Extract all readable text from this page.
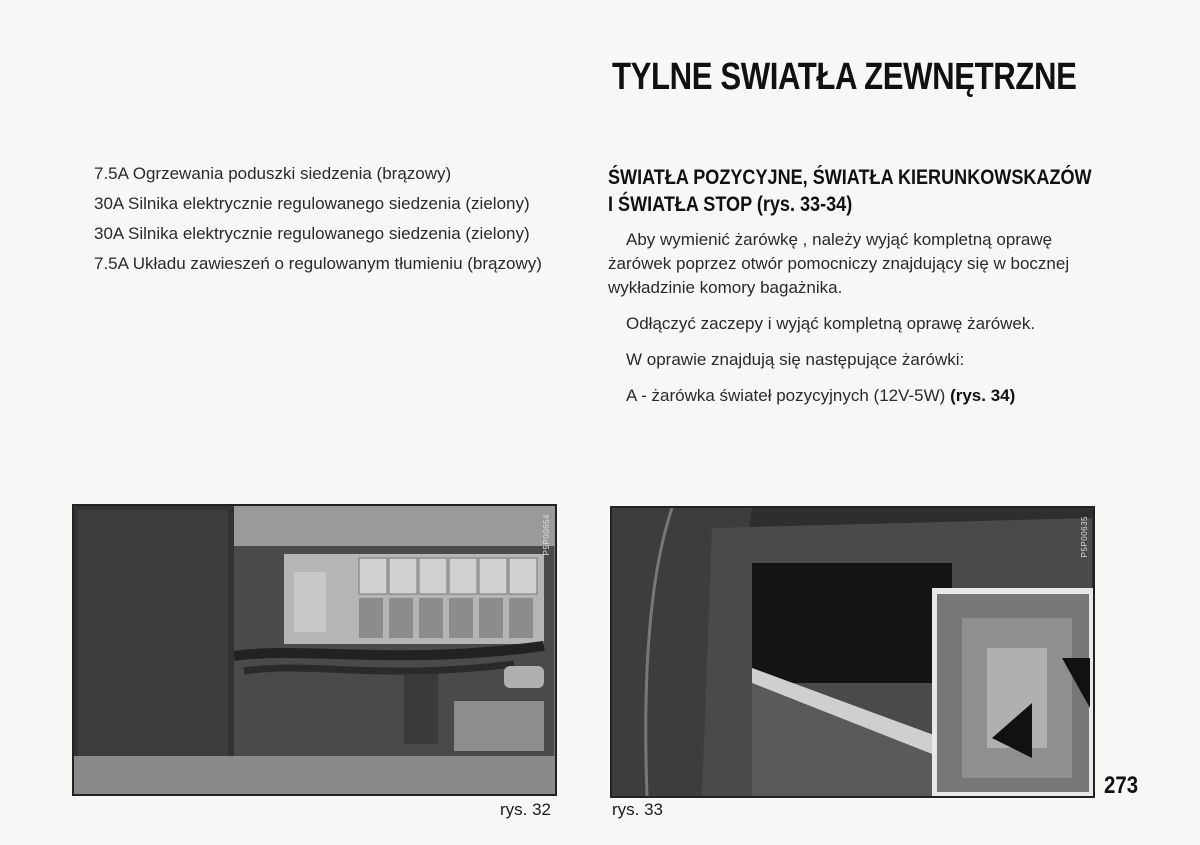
TYLNE SWIATŁA ZEWNĘTRZNE

7.5A Ogrzewania poduszki siedzenia (brązowy)

30A Silnika elektrycznie regulowanego siedzenia (zielony)

30A Silnika elektrycznie regulowanego siedzenia (zielony)

7.5A Układu zawieszeń o regulowanym tłumieniu (brązowy)

ŚWIATŁA POZYCYJNE, ŚWIATŁA KIERUNKOWSKAZÓW I ŚWIATŁA STOP (rys. 33-34)

Aby wymienić żarówkę , należy wyjąć kompletną oprawę żarówek poprzez otwór pomocniczy znajdujący się w bocznej wykładzinie komory bagażnika.

Odłączyć zaczepy i wyjąć kompletną oprawę żarówek.

W oprawie znajdują się następujące żarówki:

A - żarówka świateł pozycyjnych (12V-5W) (rys. 34)

P5P00654
rys. 32
P5P00635
rys. 33
273
